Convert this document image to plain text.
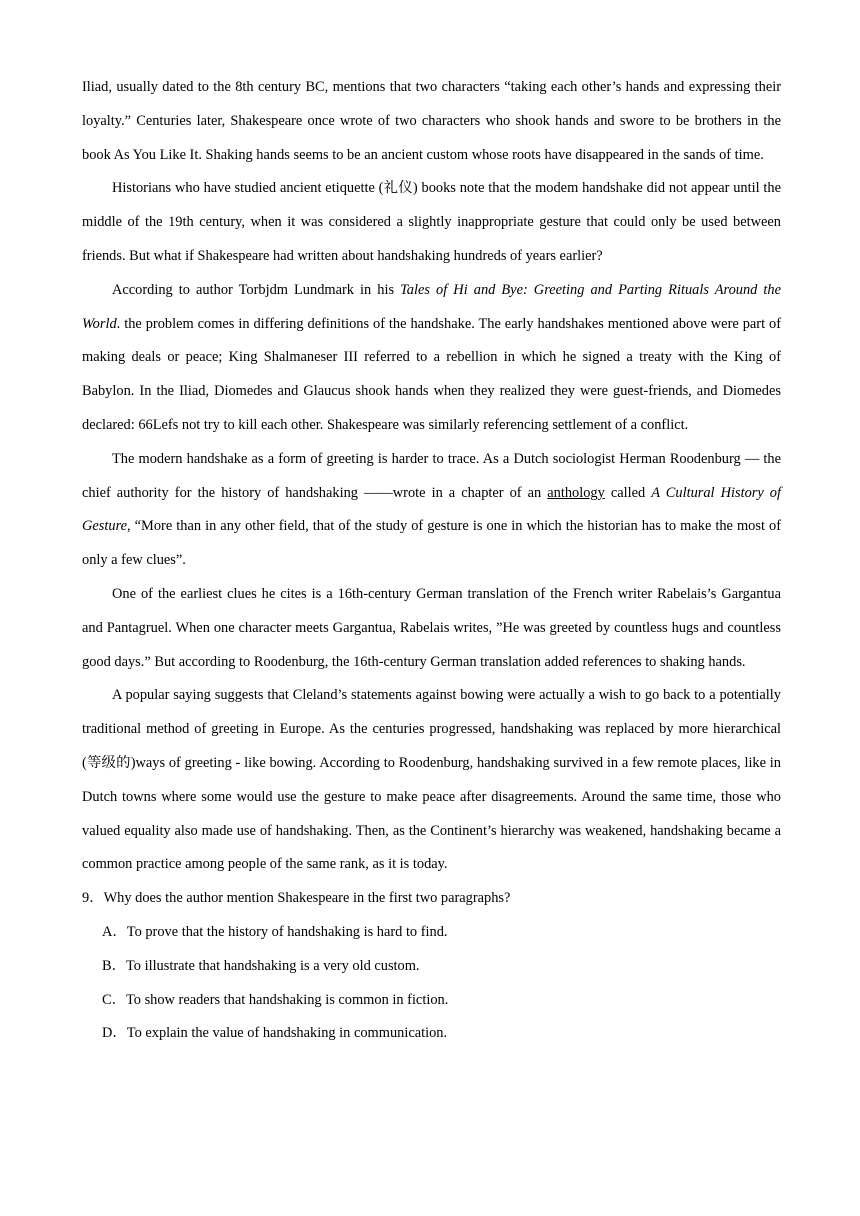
Iliad, usually dated to the 8th century BC, mentions that two characters “taking each other’s hands and expressing their loyalty.” Centuries later, Shakespeare once wrote of two characters who shook hands and swore to be brothers in the book As You Like It. Shaking hands seems to be an ancient custom whose roots have disappeared in the sands of time.

Historians who have studied ancient etiquette (礼仪) books note that the modem handshake did not appear until the middle of the 19th century, when it was considered a slightly inappropriate gesture that could only be used between friends. But what if Shakespeare had written about handshaking hundreds of years earlier?

According to author Torbjdm Lundmark in his Tales of Hi and Bye: Greeting and Parting Rituals Around the World. the problem comes in differing definitions of the handshake. The early handshakes mentioned above were part of making deals or peace; King Shalmaneser III referred to a rebellion in which he signed a treaty with the King of Babylon. In the Iliad, Diomedes and Glaucus shook hands when they realized they were guest-friends, and Diomedes declared: 66Lefs not try to kill each other. Shakespeare was similarly referencing settlement of a conflict.

The modern handshake as a form of greeting is harder to trace. As a Dutch sociologist Herman Roodenburg — the chief authority for the history of handshaking ——wrote in a chapter of an anthology called A Cultural History of Gesture, “More than in any other field, that of the study of gesture is one in which the historian has to make the most of only a few clues”.

One of the earliest clues he cites is a 16th-century German translation of the French writer Rabelais’s Gargantua and Pantagruel. When one character meets Gargantua, Rabelais writes, ”He was greeted by countless hugs and countless good days.” But according to Roodenburg, the 16th-century German translation added references to shaking hands.

A popular saying suggests that Cleland’s statements against bowing were actually a wish to go back to a potentially traditional method of greeting in Europe. As the centuries progressed, handshaking was replaced by more hierarchical (等级的)ways of greeting - like bowing. According to Roodenburg, handshaking survived in a few remote places, like in Dutch towns where some would use the gesture to make peace after disagreements. Around the same time, those who valued equality also made use of handshaking. Then, as the Continent’s hierarchy was weakened, handshaking became a common practice among people of the same rank, as it is today.

9．Why does the author mention Shakespeare in the first two paragraphs?

A．To prove that the history of handshaking is hard to find.

B．To illustrate that handshaking is a very old custom.

C．To show readers that handshaking is common in fiction.

D．To explain the value of handshaking in communication.
